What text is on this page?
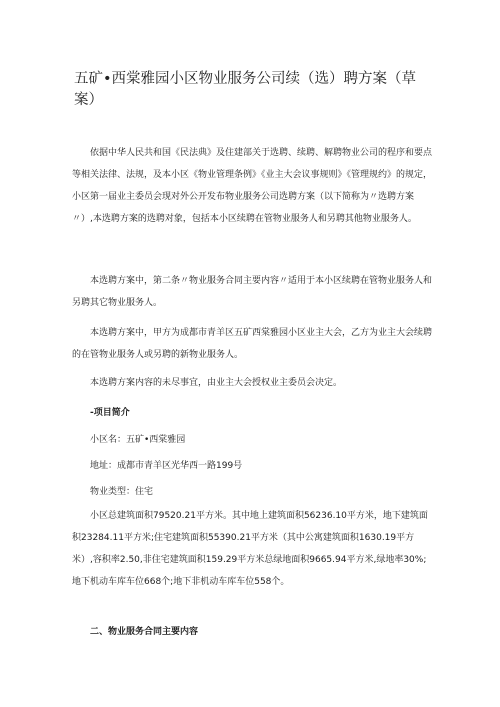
五矿•西棠雅园小区物业服务公司续（选）聘方案（草案）

依据中华人民共和国《民法典》及住建部关于选聘、续聘、解聘物业公司的程序和要点等相关法律、法规，及本小区《物业管理条例》《业主大会议事规则》《管理规约》的规定，小区第一届业主委员会现对外公开发布物业服务公司选聘方案（以下简称为〃选聘方案〃）,本选聘方案的选聘对象，包括本小区续聘在管物业服务人和另聘其他物业服务人。

本选聘方案中，第二条〃物业服务合同主要内容〃适用于本小区续聘在管物业服务人和另聘其它物业服务人。

本选聘方案中，甲方为成都市青羊区五矿西棠雅园小区业主大会，乙方为业主大会续聘的在管物业服务人或另聘的新物业服务人。

本选聘方案内容的未尽事宜，由业主大会授权业主委员会决定。

-项目简介

小区名：五矿•西棠雅园

地址：成都市青羊区光华西一路199号

物业类型：住宅

小区总建筑面积79520.21平方米。其中地上建筑面积56236.10平方米，地下建筑面积23284.11平方米;住宅建筑面积55390.21平方米（其中公寓建筑面积1630.19平方米）,容积率2.50,非住宅建筑面积159.29平方米总绿地面积9665.94平方米,绿地率30%;地下机动车库车位668个;地下非机动车库车位558个。

二、物业服务合同主要内容
